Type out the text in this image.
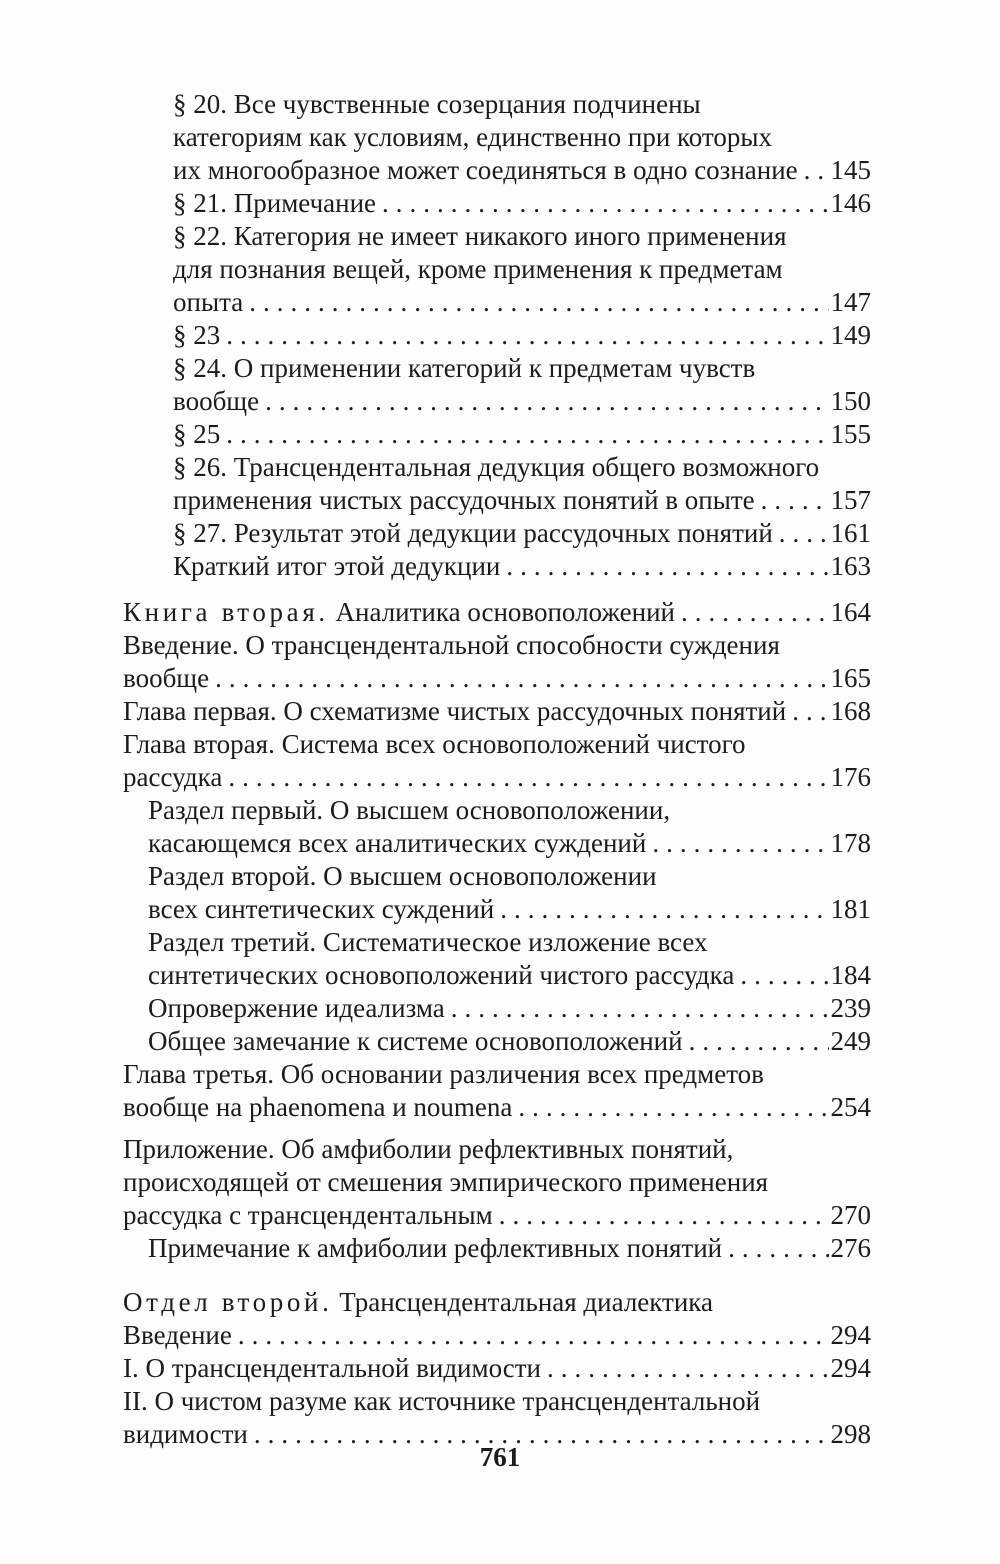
§ 20. Все чувственные созерцания подчинены
категориям как условиям, единственно при которых
их многообразное может соединяться в одно сознание ..... 145
§ 21. Примечание .....	146
§ 22. Категория не имеет никакого иного применения
для познания вещей, кроме применения к предметам
опыта .....	147
§ 23 .....	149
§ 24. О применении категорий к предметам чувств
вообще .....	150
§ 25 .....	155
§ 26. Трансцендентальная дедукция общего возможного
применения чистых рассудочных понятий в опыте .....	157
§ 27. Результат этой дедукции рассудочных понятий ..... 161
Краткий итог этой дедукции .....	163
Книга вторая. Аналитика основоположений .....	164
Введение. О трансцендентальной способности суждения
вообще .....	165
Глава первая. О схематизме чистых рассудочных понятий ..... 168
Глава вторая. Система всех основоположений чистого
рассудка .....	176
Раздел первый. О высшем основоположении,
касающемся всех аналитических суждений .....	178
Раздел второй. О высшем основоположении
всех синтетических суждений .....	181
Раздел третий. Систематическое изложение всех
синтетических основоположений чистого рассудка .....	184
Опровержение идеализма .....	239
Общее замечание к системе основоположений .....	249
Глава третья. Об основании различения всех предметов
вообще на phaenomena и noumena .....	254
Приложение. Об амфиболии рефлективных понятий,
происходящей от смешения эмпирического применения
рассудка с трансцендентальным .....	270
Примечание к амфиболии рефлективных понятий .....	276
Отдел второй. Трансцендентальная диалектика
Введение .....	294
I. О трансцендентальной видимости .....	294
II. О чистом разуме как источнике трансцендентальной
видимости .....	298
761
